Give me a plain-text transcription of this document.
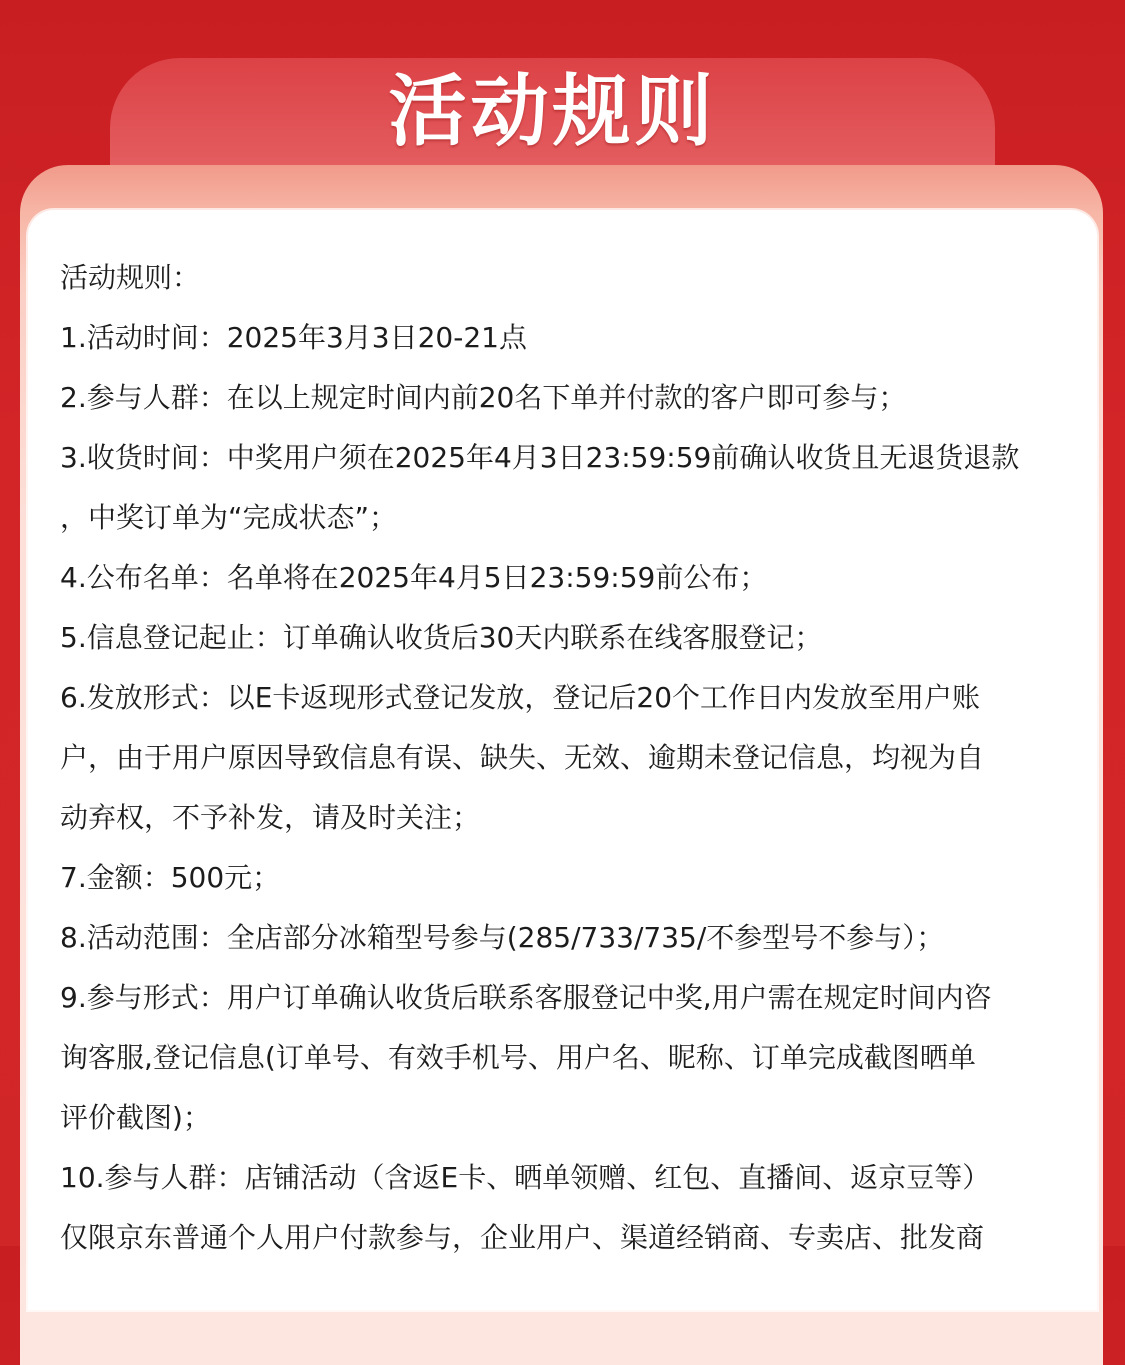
活动规则
活动规则：
1.活动时间：2025年3月3日20-21点
2.参与人群：在以上规定时间内前20名下单并付款的客户即可参与；
3.收货时间：中奖用户须在2025年4月3日23:59:59前确认收货且无退货退款
，中奖订单为“完成状态”；
4.公布名单：名单将在2025年4月5日23:59:59前公布；
5.信息登记起止：订单确认收货后30天内联系在线客服登记；
6.发放形式：以E卡返现形式登记发放，登记后20个工作日内发放至用户账
户，由于用户原因导致信息有误、缺失、无效、逾期未登记信息，均视为自
动弃权，不予补发，请及时关注；
7.金额：500元；
8.活动范围：全店部分冰箱型号参与(285/733/735/不参型号不参与）；
9.参与形式：用户订单确认收货后联系客服登记中奖,用户需在规定时间内咨
询客服,登记信息(订单号、有效手机号、用户名、昵称、订单完成截图晒单
评价截图)；
10.参与人群：店铺活动（含返E卡、晒单领赠、红包、直播间、返京豆等）
仅限京东普通个人用户付款参与，企业用户、渠道经销商、专卖店、批发商
